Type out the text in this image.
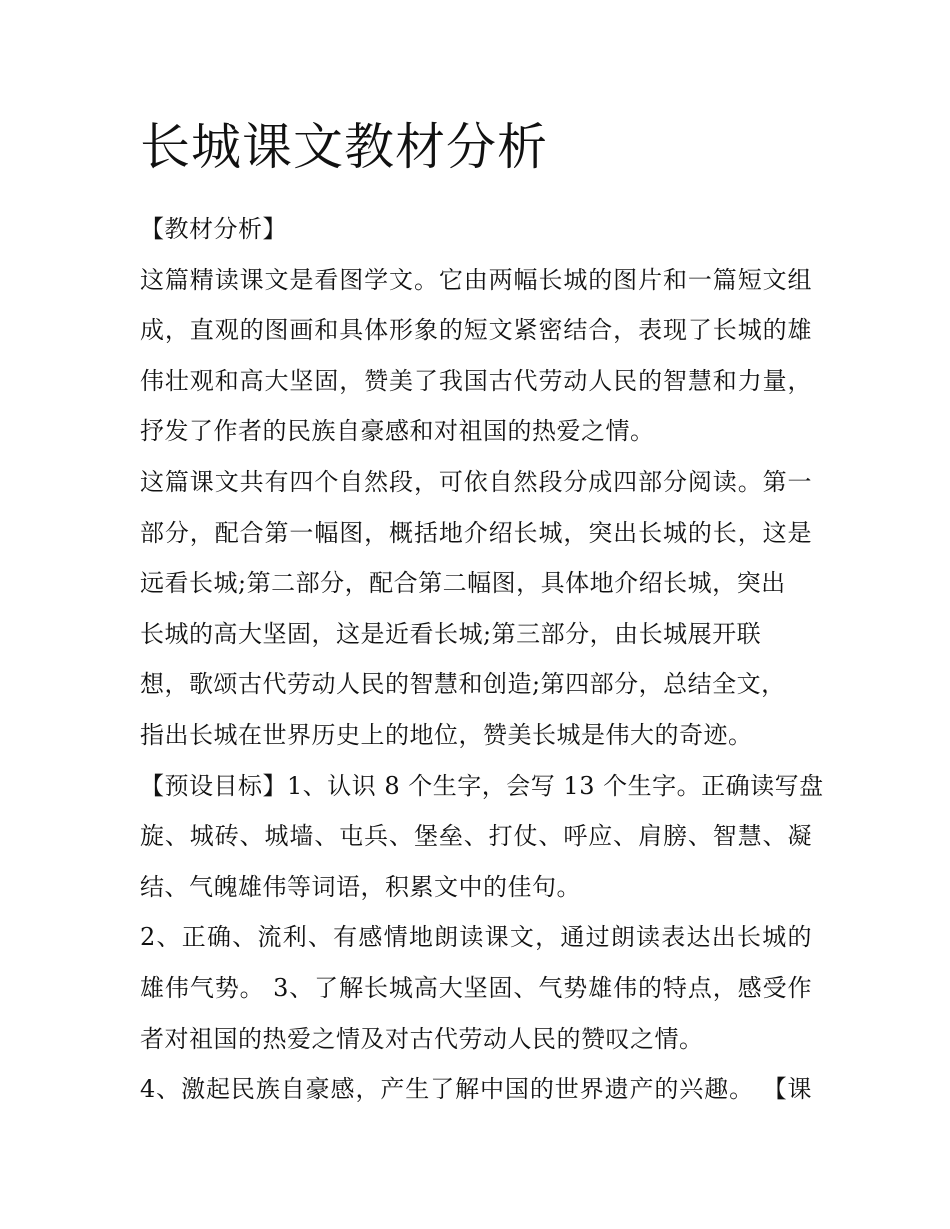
长城课文教材分析
【教材分析】
这篇精读课文是看图学文。它由两幅长城的图片和一篇短文组
成，直观的图画和具体形象的短文紧密结合，表现了长城的雄
伟壮观和高大坚固，赞美了我国古代劳动人民的智慧和力量，
抒发了作者的民族自豪感和对祖国的热爱之情。
这篇课文共有四个自然段，可依自然段分成四部分阅读。第一
部分，配合第一幅图，概括地介绍长城，突出长城的长，这是
远看长城;第二部分，配合第二幅图，具体地介绍长城，突出
长城的高大坚固，这是近看长城;第三部分，由长城展开联
想，歌颂古代劳动人民的智慧和创造;第四部分，总结全文，
指出长城在世界历史上的地位，赞美长城是伟大的奇迹。
【预设目标】1、认识 8 个生字，会写 13 个生字。正确读写盘
旋、城砖、城墙、屯兵、堡垒、打仗、呼应、肩膀、智慧、凝
结、气魄雄伟等词语，积累文中的佳句。
2、正确、流利、有感情地朗读课文，通过朗读表达出长城的
雄伟气势。 3、了解长城高大坚固、气势雄伟的特点，感受作
者对祖国的热爱之情及对古代劳动人民的赞叹之情。
4、激起民族自豪感，产生了解中国的世界遗产的兴趣。 【课
